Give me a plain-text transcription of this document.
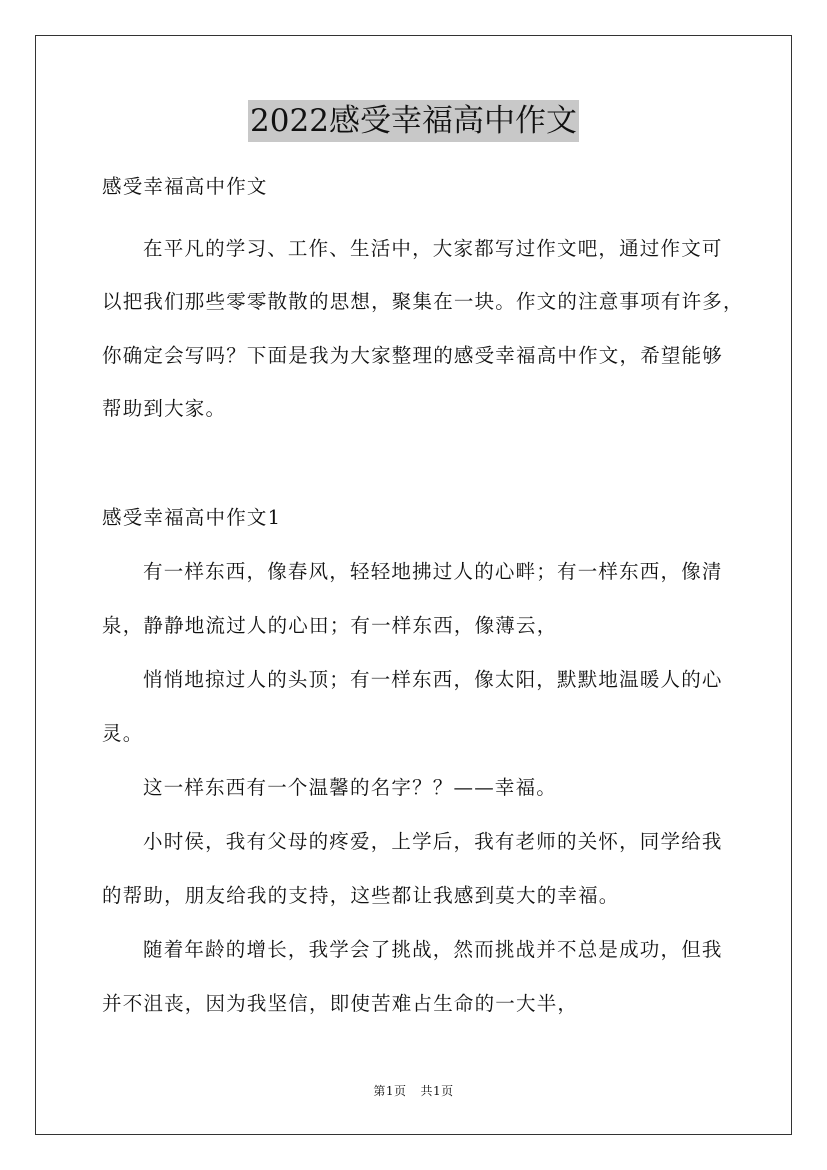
2022感受幸福高中作文
感受幸福高中作文
在平凡的学习、工作、生活中，大家都写过作文吧，通过作文可
以把我们那些零零散散的思想，聚集在一块。作文的注意事项有许多，
你确定会写吗？下面是我为大家整理的感受幸福高中作文，希望能够
帮助到大家。
感受幸福高中作文1
有一样东西，像春风，轻轻地拂过人的心畔；有一样东西，像清
泉，静静地流过人的心田；有一样东西，像薄云，
悄悄地掠过人的头顶；有一样东西，像太阳，默默地温暖人的心
灵。
这一样东西有一个温馨的名字？？——幸福。
小时侯，我有父母的疼爱，上学后，我有老师的关怀，同学给我
的帮助，朋友给我的支持，这些都让我感到莫大的幸福。
随着年龄的增长，我学会了挑战，然而挑战并不总是成功，但我
并不沮丧，因为我坚信，即使苦难占生命的一大半，
第1页 共1页
